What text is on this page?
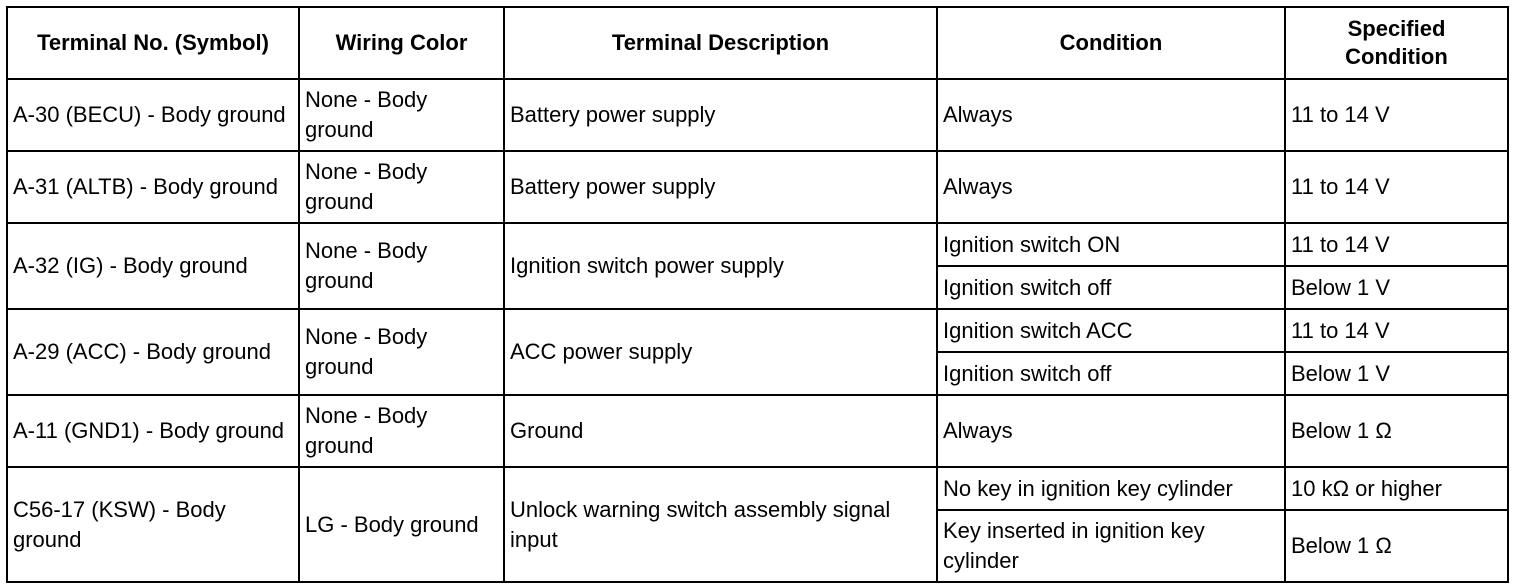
Terminal No. (Symbol)	Wiring Color	Terminal Description	Condition	Specified Condition
A-30 (BECU) - Body ground	None - Body ground	Battery power supply	Always	11 to 14 V
A-31 (ALTB) - Body ground	None - Body ground	Battery power supply	Always	11 to 14 V
A-32 (IG) - Body ground	None - Body ground	Ignition switch power supply	Ignition switch ON	11 to 14 V
			Ignition switch off	Below 1 V
A-29 (ACC) - Body ground	None - Body ground	ACC power supply	Ignition switch ACC	11 to 14 V
			Ignition switch off	Below 1 V
A-11 (GND1) - Body ground	None - Body ground	Ground	Always	Below 1 Ω
C56-17 (KSW) - Body ground	LG - Body ground	Unlock warning switch assembly signal input	No key in ignition key cylinder	10 kΩ or higher
			Key inserted in ignition key cylinder	Below 1 Ω
